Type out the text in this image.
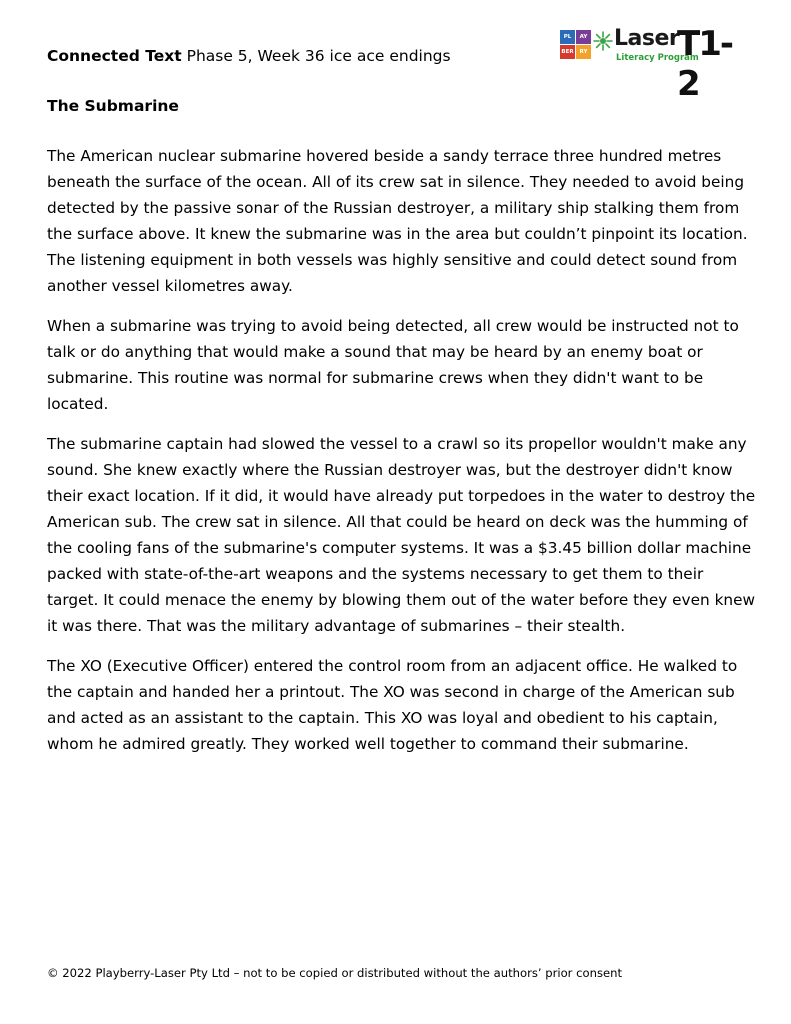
Connected Text Phase 5, Week 36 ice ace endings
PL	AY
BER	RY
Laser
Literacy Program
T1-2
The Submarine

The American nuclear submarine hovered beside a sandy terrace three hundred metres beneath the surface of the ocean. All of its crew sat in silence. They needed to avoid being detected by the passive sonar of the Russian destroyer, a military ship stalking them from the surface above. It knew the submarine was in the area but couldn’t pinpoint its location. The listening equipment in both vessels was highly sensitive and could detect sound from another vessel kilometres away.

When a submarine was trying to avoid being detected, all crew would be instructed not to talk or do anything that would make a sound that may be heard by an enemy boat or submarine. This routine was normal for submarine crews when they didn't want to be located.

The submarine captain had slowed the vessel to a crawl so its propellor wouldn't make any sound. She knew exactly where the Russian destroyer was, but the destroyer didn't know their exact location. If it did, it would have already put torpedoes in the water to destroy the American sub. The crew sat in silence. All that could be heard on deck was the humming of the cooling fans of the submarine's computer systems. It was a $3.45 billion dollar machine packed with state-of-the-art weapons and the systems necessary to get them to their target. It could menace the enemy by blowing them out of the water before they even knew it was there. That was the military advantage of submarines – their stealth.

The XO (Executive Officer) entered the control room from an adjacent office. He walked to the captain and handed her a printout. The XO was second in charge of the American sub and acted as an assistant to the captain. This XO was loyal and obedient to his captain, whom he admired greatly. They worked well together to command their submarine.

© 2022 Playberry-Laser Pty Ltd – not to be copied or distributed without the authors’ prior consent
